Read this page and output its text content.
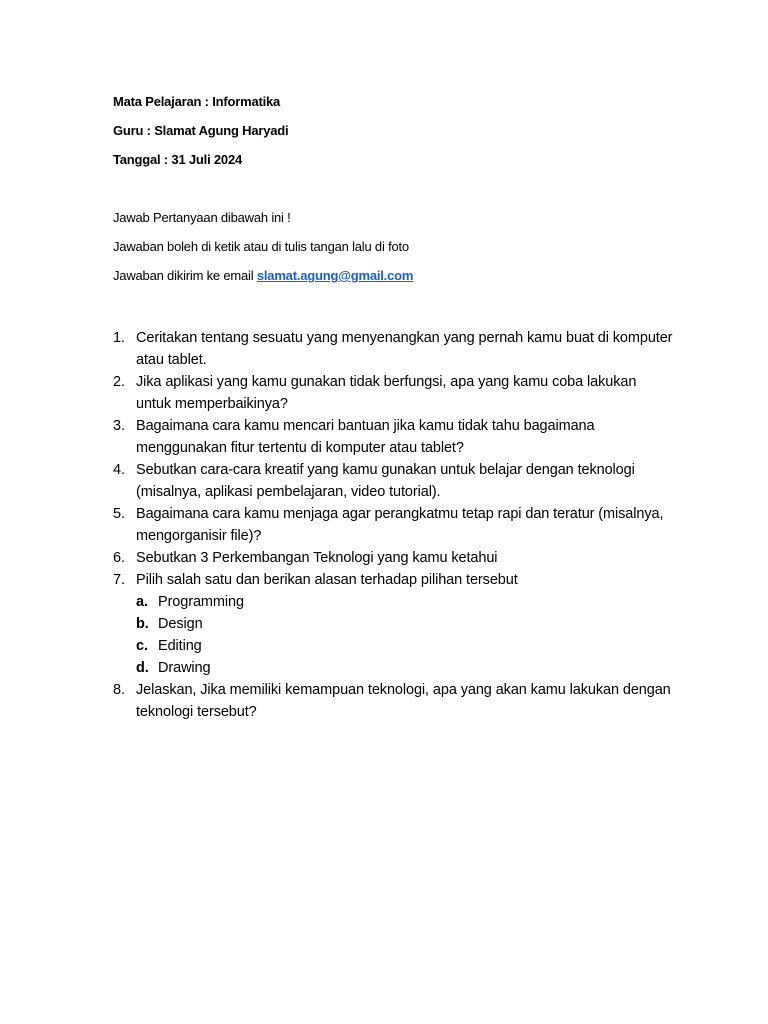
Mata Pelajaran : Informatika
Guru : Slamat Agung Haryadi
Tanggal : 31 Juli 2024
Jawab Pertanyaan dibawah ini !
Jawaban boleh di ketik atau di tulis tangan lalu di foto
Jawaban dikirim ke email slamat.agung@gmail.com
1. Ceritakan tentang sesuatu yang menyenangkan yang pernah kamu buat di komputer atau tablet.
2. Jika aplikasi yang kamu gunakan tidak berfungsi, apa yang kamu coba lakukan untuk memperbaikinya?
3. Bagaimana cara kamu mencari bantuan jika kamu tidak tahu bagaimana menggunakan fitur tertentu di komputer atau tablet?
4. Sebutkan cara-cara kreatif yang kamu gunakan untuk belajar dengan teknologi (misalnya, aplikasi pembelajaran, video tutorial).
5. Bagaimana cara kamu menjaga agar perangkatmu tetap rapi dan teratur (misalnya, mengorganisir file)?
6. Sebutkan 3 Perkembangan Teknologi yang kamu ketahui
7. Pilih salah satu dan berikan alasan terhadap pilihan tersebut
a. Programming
b. Design
c. Editing
d. Drawing
8. Jelaskan, Jika memiliki kemampuan teknologi, apa yang akan kamu lakukan dengan teknologi tersebut?
